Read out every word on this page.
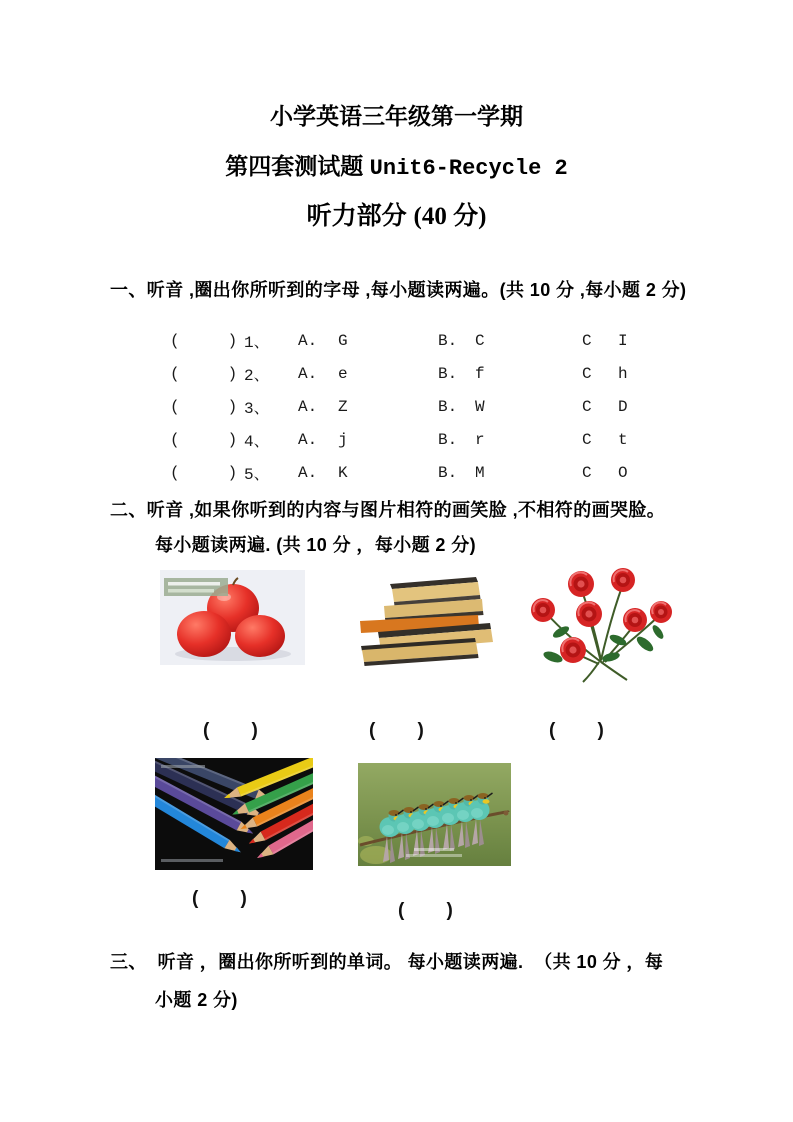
小学英语三年级第一学期
第四套测试题 Unit6-Recycle 2
听力部分 (40 分)
一、听音 ,圈出你所听到的字母 ,每小题读两遍。(共 10 分 ,每小题 2 分)
(     ) 1、	A.	G	B.	C	C	I
(     ) 2、	A.	e	B.	f	C	h
(     ) 3、	A.	Z	B.	W	C	D
(     ) 4、	A.	j	B.	r	C	t
(     ) 5、	A.	K	B.	M	C	O
二、听音 ,如果你听到的内容与图片相符的画笑脸 ,不相符的画哭脸。
每小题读两遍. (共 10 分 ，每小题 2 分)
(        )	(        )	(        )
(        )
(        )
三、  听音 ，圈出你所听到的单词。 每小题读两遍.  （共 10 分 ，每
小题 2 分)
